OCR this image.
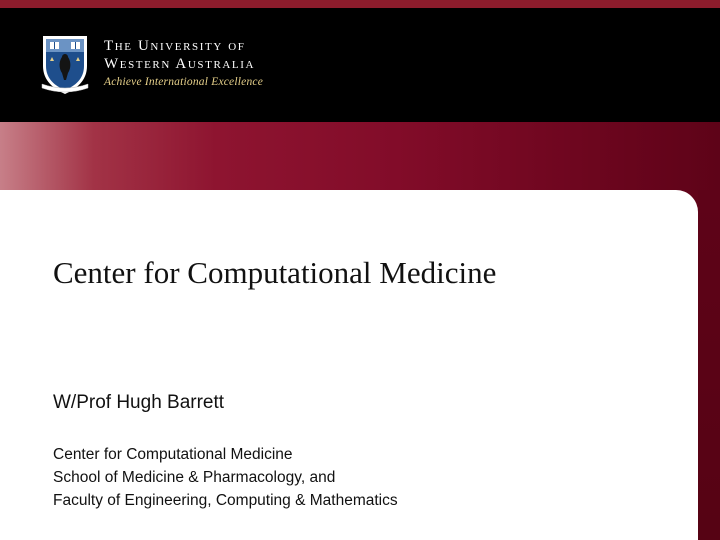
The University of
Western Australia
Achieve International Excellence
Center for Computational Medicine
W/Prof Hugh Barrett
Center for Computational Medicine
School of Medicine & Pharmacology, and
Faculty of Engineering, Computing & Mathematics
